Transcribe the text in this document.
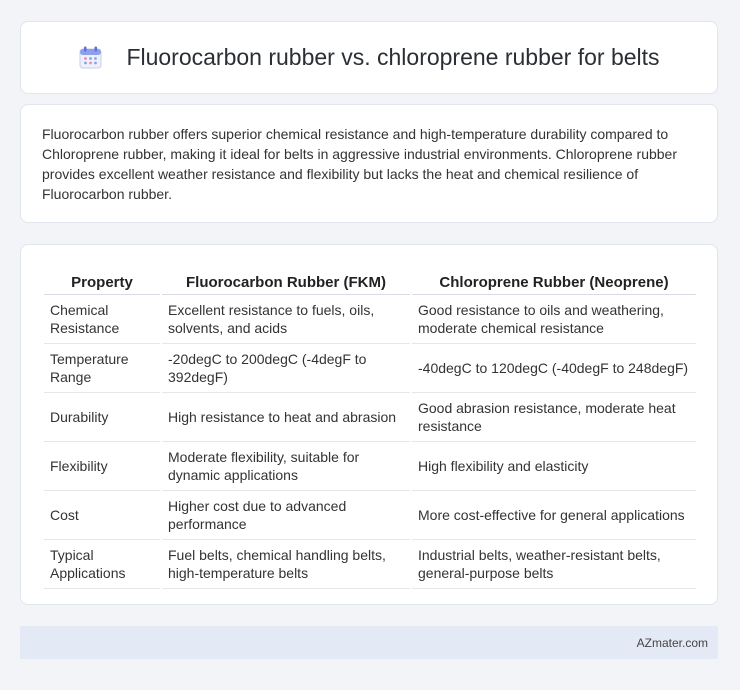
Fluorocarbon rubber vs. chloroprene rubber for belts

Fluorocarbon rubber offers superior chemical resistance and high-temperature durability compared to Chloroprene rubber, making it ideal for belts in aggressive industrial environments. Chloroprene rubber provides excellent weather resistance and flexibility but lacks the heat and chemical resilience of Fluorocarbon rubber.

Property	Fluorocarbon Rubber (FKM)	Chloroprene Rubber (Neoprene)
Chemical Resistance	Excellent resistance to fuels, oils, solvents, and acids	Good resistance to oils and weathering, moderate chemical resistance
Temperature Range	-20degC to 200degC (-4degF to 392degF)	-40degC to 120degC (-40degF to 248degF)
Durability	High resistance to heat and abrasion	Good abrasion resistance, moderate heat resistance
Flexibility	Moderate flexibility, suitable for dynamic applications	High flexibility and elasticity
Cost	Higher cost due to advanced performance	More cost-effective for general applications
Typical Applications	Fuel belts, chemical handling belts, high-temperature belts	Industrial belts, weather-resistant belts, general-purpose belts
AZmater.com
